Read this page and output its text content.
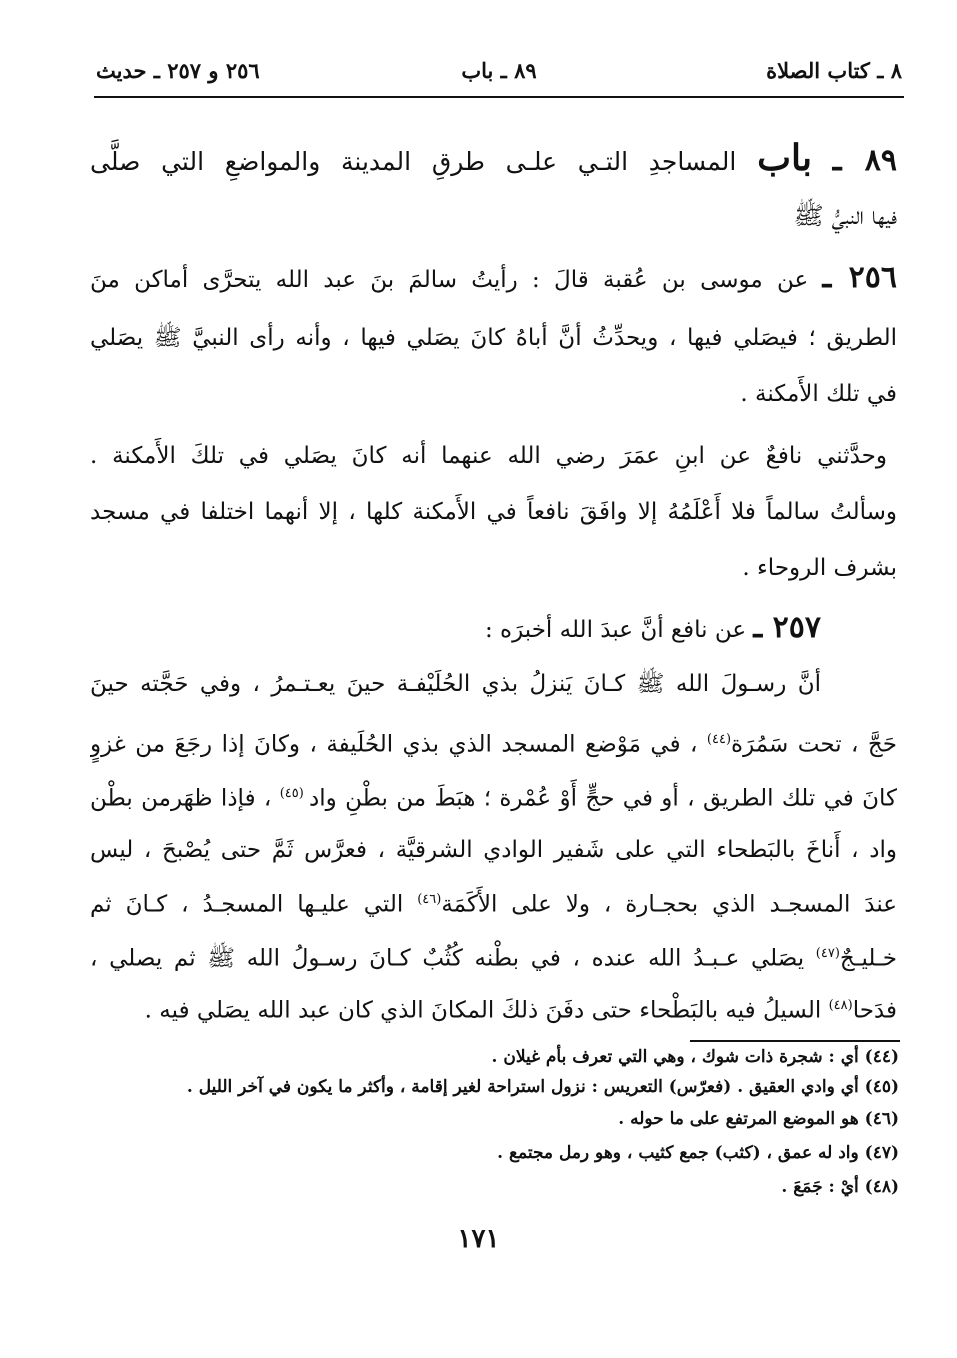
٨ ـ كتاب الصلاة
٨٩ ـ باب
٢٥٦ و ٢٥٧ ـ حديث
٨٩ ـ باب المساجدِ التـي علـى طرقِ المدينة والمواضعِ التي صلَّى
فيها النبيُّ ﷺ
٢٥٦ ـ عن موسى بن عُقبة قالَ : رأيتُ سالمَ بنَ عبد الله يتحرَّى أماكن منَ
الطريق ؛ فيصَلي فيها ، ويحدِّثُ أنَّ أباهُ كانَ يصَلي فيها ، وأنه رأى النبيَّ ﷺ يصَلي
في تلك الأَمكنة .
وحدَّثني نافعٌ عن ابنِ عمَرَ رضي الله عنهما أنه كانَ يصَلي في تلكَ الأَمكنة .
وسألتُ سالماً فلا أَعْلَمُهُ إلا وافَقَ نافعاً في الأَمكنة كلها ، إلا أنهما اختلفا في مسجد
بشرف الروحاء .
٢٥٧ ـ عن نافع أنَّ عبدَ الله أخبرَه :
أنَّ رسـولَ الله ﷺ كـانَ يَنزلُ بذي الحُلَيْفـة حينَ يعـتـمرُ ، وفي حَجَّته حينَ
حَجَّ ، تحت سَمُرَة$^{(٤٤)}$ ، في مَوْضع المسجد الذي بذي الحُلَيفة ، وكانَ إذا رجَعَ من غزوٍ
كانَ في تلك الطريق ، أو في حجٍّ أَوْ عُمْرة ؛ هبَطَ من بطْنِ واد $^{(٤٥)}$ ، فإذا ظهَرمن بطْن
واد ، أَناخَ بالبَطحاء التي على شَفير الوادي الشرقيَّة ، فعرَّس ثَمَّ حتى يُصْبحَ ، ليس
عندَ المسجـد الذي بحجـارة ، ولا على الأَكَمَة$^{(٤٦)}$ التي عليـها المسجـدُ ، كـانَ ثم
خـليـجٌ$^{(٤٧)}$ يصَلي عـبـدُ الله عنده ، في بطْنه كُثُبٌ كـانَ رسـولُ الله ﷺ ثم يصلي ،
فدَحا$^{(٤٨)}$ السيلُ فيه بالبَطْحاء حتى دفَنَ ذلكَ المكانَ الذي كان عبد الله يصَلي فيه .
(٤٤) أي : شجرة ذات شوك ، وهي التي تعرف بأم غيلان .
(٤٥) أي وادي العقيق . (فعرّس) التعريس : نزول استراحة لغير إقامة ، وأكثر ما يكون في آخر الليل .
(٤٦) هو الموضع المرتفع على ما حوله .
(٤٧) واد له عمق ، (كثب) جمع كثيب ، وهو رمل مجتمع .
(٤٨) أيْ : جَمَعَ .
١٧١
